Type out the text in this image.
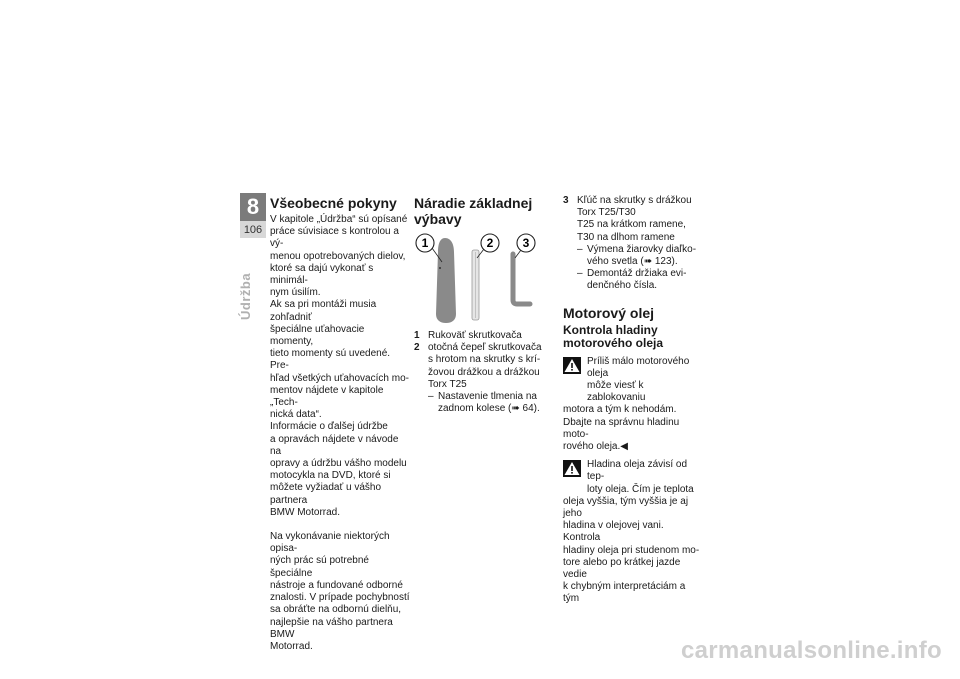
8
106
Údržba
Všeobecné pokyny

V kapitole „Údržba“ sú opísané
práce súvisiace s kontrolou a vý-
menou opotrebovaných dielov,
ktoré sa dajú vykonať s minimál-
nym úsilím.

Ak sa pri montáži musia zohľadniť
špeciálne uťahovacie momenty,
tieto momenty sú uvedené. Pre-
hľad všetkých uťahovacích mo-
mentov nájdete v kapitole „Tech-
nická data“.

Informácie o ďalšej údržbe
a opravách nájdete v návode na
opravy a údržbu vášho modelu
motocykla na DVD, ktoré si
môžete vyžiadať u vášho partnera
BMW Motorrad.

Na vykonávanie niektorých opisa-
ných prác sú potrebné špeciálne
nástroje a fundované odborné
znalosti. V prípade pochybností
sa obráťte na odbornú dielňu,
najlepšie na vášho partnera BMW
Motorrad.

Náradie základnej
výbavy
1	2 3
1 Rukoväť skrutkovača
2 otočná čepeľ skrutkovača
s hrotom na skrutky s krí-
žovou drážkou a drážkou
Torx T25
– Nastavenie tlmenia na
zadnom kolese (➠ 64).
3 Kľúč na skrutky s drážkou
Torx T25/T30
T25 na krátkom ramene,
T30 na dlhom ramene
– Výmena žiarovky diaľko-
vého svetla (➠ 123).
– Demontáž držiaka evi-
denčného čísla.
Motorový olej
Kontrola hladiny
motorového oleja
Príliš málo motorového oleja
môže viesť k zablokovaniu

motora a tým k nehodám.
Dbajte na správnu hladinu moto-
rového oleja.◀

Hladina oleja závisí od tep-
loty oleja. Čím je teplota

oleja vyššia, tým vyššia je aj jeho
hladina v olejovej vani. Kontrola
hladiny oleja pri studenom mo-
tore alebo po krátkej jazde vedie
k chybným interpretáciám a tým

carmanualsonline.info
